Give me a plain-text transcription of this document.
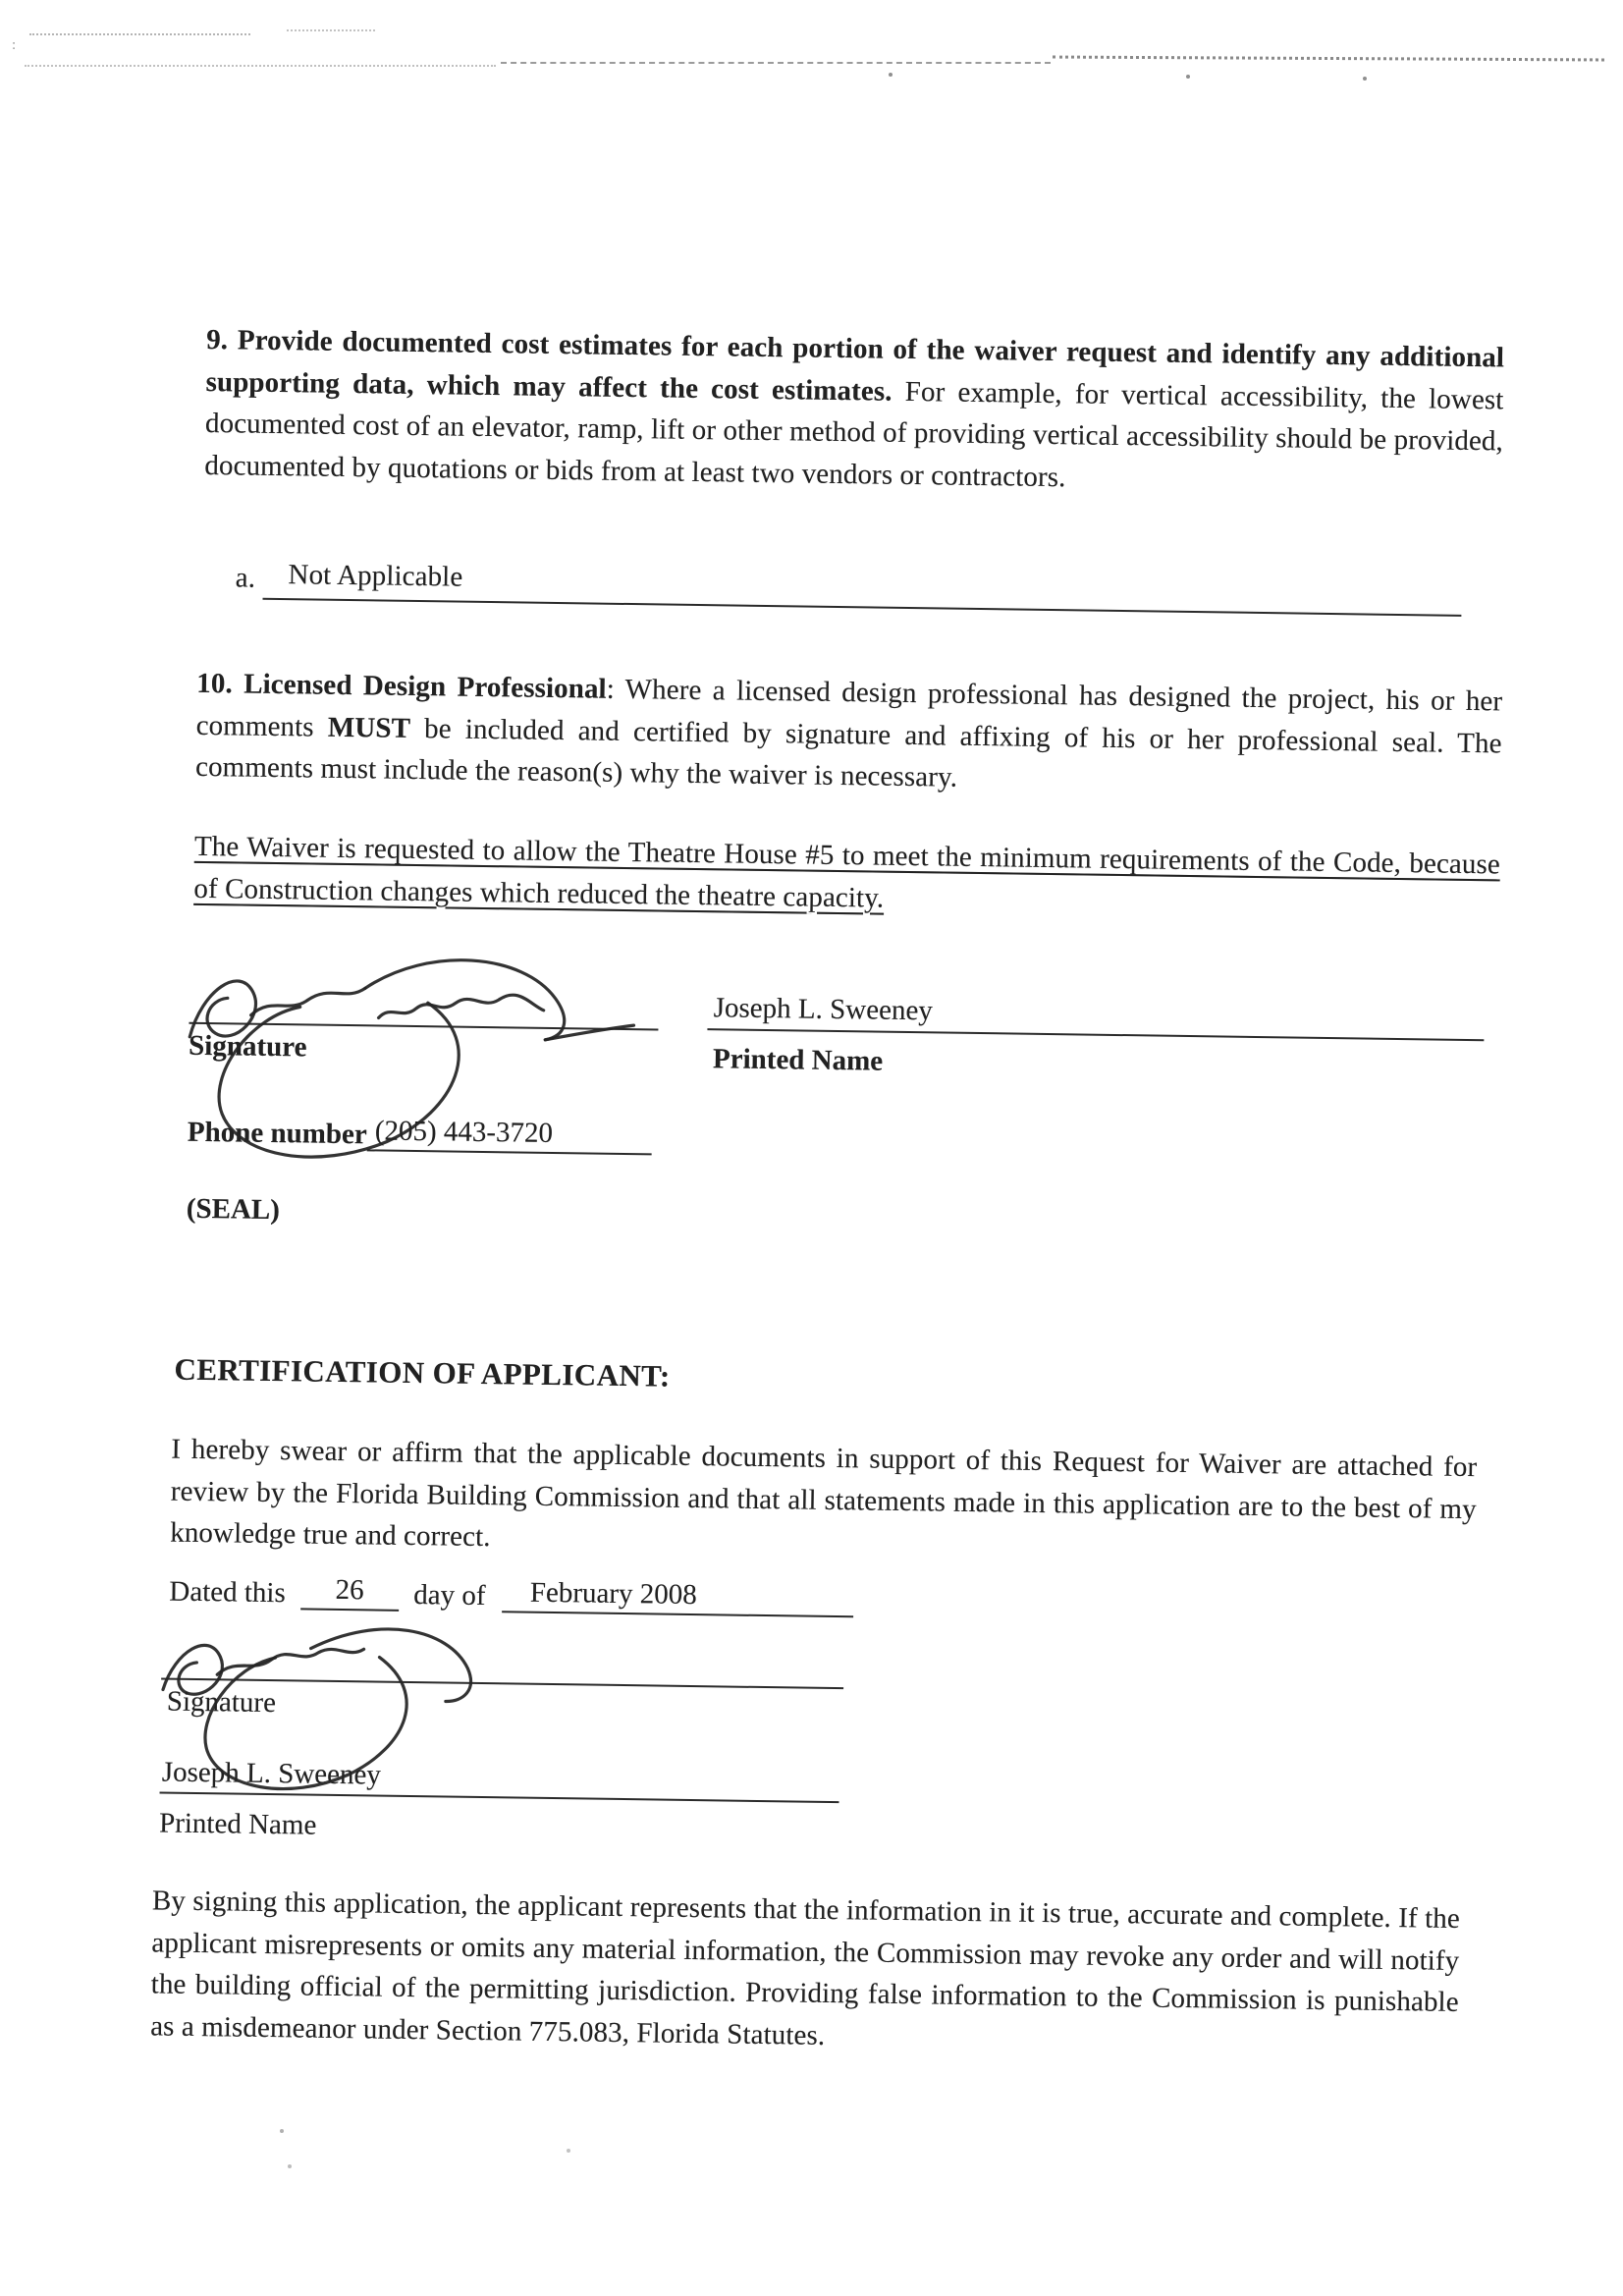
:
9. Provide documented cost estimates for each portion of the waiver request and identify any additional supporting data, which may affect the cost estimates. For example, for vertical accessibility, the lowest documented cost of an elevator, ramp, lift or other method of providing vertical accessibility should be provided, documented by quotations or bids from at least two vendors or contractors.
a. Not Applicable
10. Licensed Design Professional: Where a licensed design professional has designed the project, his or her comments MUST be included and certified by signature and affixing of his or her professional seal. The comments must include the reason(s) why the waiver is necessary.
The Waiver is requested to allow the Theatre House #5 to meet the minimum requirements of the Code, because of Construction changes which reduced the theatre capacity.
Signature
Joseph L. Sweeney
Printed Name
Phone number (205) 443-3720
(SEAL)
CERTIFICATION OF APPLICANT:
I hereby swear or affirm that the applicable documents in support of this Request for Waiver are attached for review by the Florida Building Commission and that all statements made in this application are to the best of my knowledge true and correct.
Dated this 26 day of February 2008
Signature
Joseph L. Sweeney
Printed Name
By signing this application, the applicant represents that the information in it is true, accurate and complete. If the applicant misrepresents or omits any material information, the Commission may revoke any order and will notify the building official of the permitting jurisdiction. Providing false information to the Commission is punishable as a misdemeanor under Section 775.083, Florida Statutes.
